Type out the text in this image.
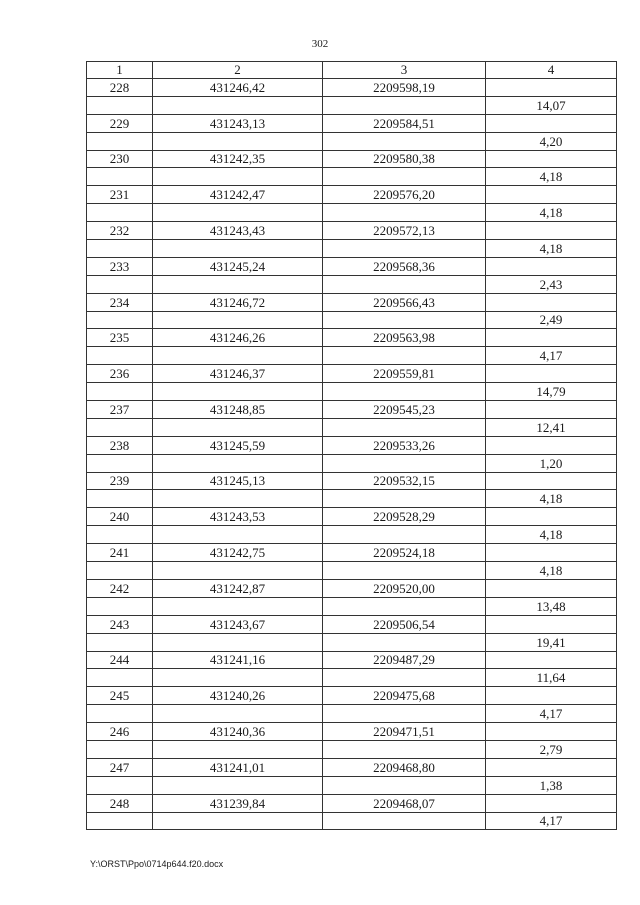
302
1	2	3	4
228	431246,42	2209598,19	
			14,07
229	431243,13	2209584,51	
			4,20
230	431242,35	2209580,38	
			4,18
231	431242,47	2209576,20	
			4,18
232	431243,43	2209572,13	
			4,18
233	431245,24	2209568,36	
			2,43
234	431246,72	2209566,43	
			2,49
235	431246,26	2209563,98	
			4,17
236	431246,37	2209559,81	
			14,79
237	431248,85	2209545,23	
			12,41
238	431245,59	2209533,26	
			1,20
239	431245,13	2209532,15	
			4,18
240	431243,53	2209528,29	
			4,18
241	431242,75	2209524,18	
			4,18
242	431242,87	2209520,00	
			13,48
243	431243,67	2209506,54	
			19,41
244	431241,16	2209487,29	
			11,64
245	431240,26	2209475,68	
			4,17
246	431240,36	2209471,51	
			2,79
247	431241,01	2209468,80	
			1,38
248	431239,84	2209468,07	
			4,17
Y:\ORST\Ppo\0714p644.f20.docx
